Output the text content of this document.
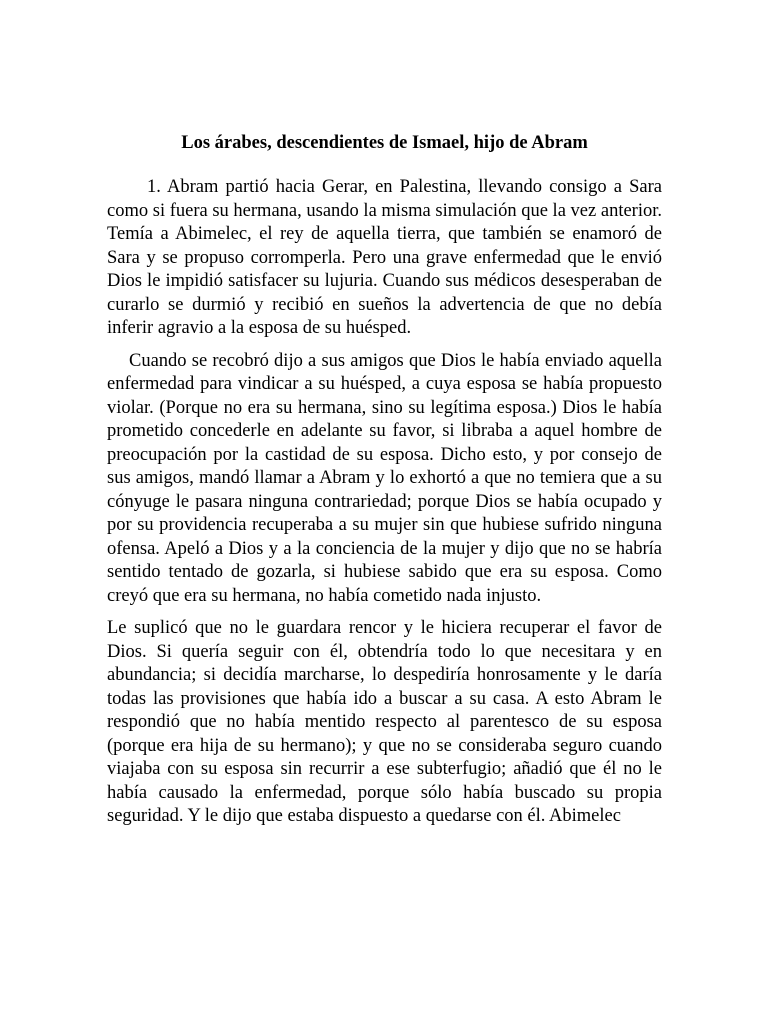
Los árabes, descendientes de Ismael, hijo de Abram

1. Abram partió hacia Gerar, en Palestina, llevando consigo a Sara como si fuera su hermana, usando la misma simulación que la vez anterior. Temía a Abimelec, el rey de aquella tierra, que también se enamoró de Sara y se propuso corromperla. Pero una grave enfermedad que le envió Dios le impidió satisfacer su lujuria. Cuando sus médicos desesperaban de curarlo se durmió y recibió en sueños la advertencia de que no debía inferir agravio a la esposa de su huésped.

Cuando se recobró dijo a sus amigos que Dios le había enviado aquella enfermedad para vindicar a su huésped, a cuya esposa se había propuesto violar. (Porque no era su hermana, sino su legítima esposa.) Dios le había prometido concederle en adelante su favor, si libraba a aquel hombre de preocupación por la castidad de su esposa. Dicho esto, y por consejo de sus amigos, mandó llamar a Abram y lo exhortó a que no temiera que a su cónyuge le pasara ninguna contrariedad; porque Dios se había ocupado y por su providencia recuperaba a su mujer sin que hubiese sufrido ninguna ofensa. Apeló a Dios y a la conciencia de la mujer y dijo que no se habría sentido tentado de gozarla, si hubiese sabido que era su esposa. Como creyó que era su hermana, no había cometido nada injusto.

Le suplicó que no le guardara rencor y le hiciera recuperar el favor de Dios. Si quería seguir con él, obtendría todo lo que necesitara y en abundancia; si decidía marcharse, lo despediría honrosamente y le daría todas las provisiones que había ido a buscar a su casa. A esto Abram le respondió que no había mentido respecto al parentesco de su esposa (porque era hija de su hermano); y que no se consideraba seguro cuando viajaba con su esposa sin recurrir a ese subterfugio; añadió que él no le había causado la enfermedad, porque sólo había buscado su propia seguridad. Y le dijo que estaba dispuesto a quedarse con él. Abimelec
